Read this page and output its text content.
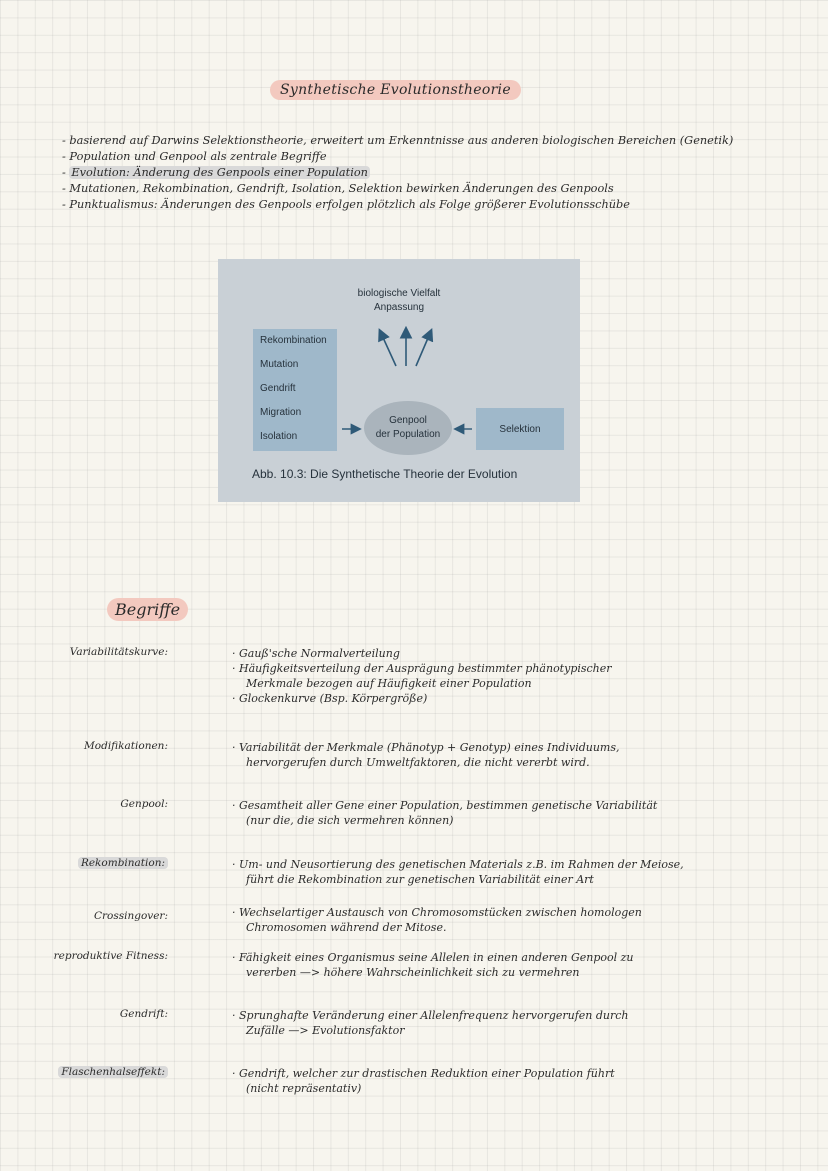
Synthetische Evolutionstheorie
- basierend auf Darwins Selektionstheorie, erweitert um Erkenntnisse aus anderen biologischen Bereichen (Genetik)
- Population und Genpool als zentrale Begriffe
- Evolution: Änderung des Genpools einer Population
- Mutationen, Rekombination, Gendrift, Isolation, Selektion bewirken Änderungen des Genpools
- Punktualismus: Änderungen des Genpools erfolgen plötzlich als Folge größerer Evolutionsschübe
biologische Vielfalt
Anpassung
Rekombination
Mutation
Gendrift
Migration
Isolation
Genpool
der Population	Selektion
Abb. 10.3: Die Synthetische Theorie der Evolution
Begriffe
Variabilitätskurve:	· Gauß'sche Normalverteilung
· Häufigkeitsverteilung der Ausprägung bestimmter phänotypischer
Merkmale bezogen auf Häufigkeit einer Population
· Glockenkurve (Bsp. Körpergröße)
Modifikationen:	· Variabilität der Merkmale (Phänotyp + Genotyp) eines Individuums,
hervorgerufen durch Umweltfaktoren, die nicht vererbt wird.
Genpool:	· Gesamtheit aller Gene einer Population, bestimmen genetische Variabilität
(nur die, die sich vermehren können)
Rekombination:	· Um- und Neusortierung des genetischen Materials z.B. im Rahmen der Meiose,
führt die Rekombination zur genetischen Variabilität einer Art
Crossingover:	· Wechselartiger Austausch von Chromosomstücken zwischen homologen
Chromosomen während der Mitose.
reproduktive Fitness:	· Fähigkeit eines Organismus seine Allelen in einen anderen Genpool zu
vererben —> höhere Wahrscheinlichkeit sich zu vermehren
Gendrift:	· Sprunghafte Veränderung einer Allelenfrequenz hervorgerufen durch
Zufälle —> Evolutionsfaktor
Flaschenhalseffekt:	· Gendrift, welcher zur drastischen Reduktion einer Population führt
(nicht repräsentativ)
